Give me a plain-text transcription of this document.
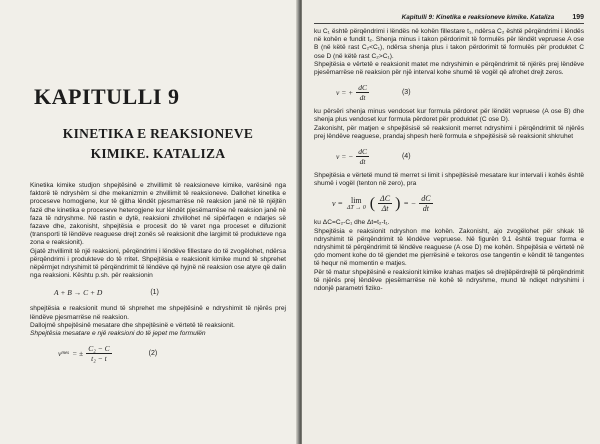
KAPITULLI 9
KINETIKA E REAKSIONEVE
KIMIKE. KATALIZA

Kinetika kimike studjon shpejtësinë e zhvillimit të reaksioneve kimike, varësinë nga faktorë të ndryshëm si dhe mekanizmin e zhvillimit të reaksioneve. Dallohet kinetika e proceseve homogjene, kur të gjitha lëndët pjesmarrëse në reaksion janë në të njëjtën fazë dhe kinetika e proceseve heterogjene kur lëndët pjesëmarrëse në reaksion janë në faza të ndryshme. Në rastin e dytë, reaksioni zhvillohet në sipërfaqen e ndarjes së fazave dhe, zakonisht, shpejtësia e procesit do të varet nga proceset e difuzionit (transporti të lëndëve reaguese drejt zonës së reaksionit dhe largimit të produkteve nga zona e reaksionit).

Gjatë zhvillimit të një reaksioni, përqëndrimi i lëndëve fillestare do të zvogëlohet, ndërsa përqëndrimi i produkteve do të rritet. Shpejtësia e reaksionit kimike mund të shprehet nëpërmjet ndryshimit të përqëndrimit të lëndëve që hyjnë në reaksion ose atyre që dalin nga reaksioni. Kështu p.sh. për reaksionin

A + B → C + D	(1)

shpejtësia e reaksionit mund të shprehet me shpejtësinë e ndryshimit të njërës prej lëndëve pjesmarrëse në reaksion.

Dallojmë shpejtësinë mesatare dhe shpejtësinë e vërtetë të reaksionit.

Shpejtësia mesatare e një reaksioni do të jepet me formulën

v mes = ± $\frac{\text{C₂ − C}}{\text{t₂ − t}}$	(2)
Kapitulli 9: Kinetika e reaksioneve kimike. Kataliza	199

ku C₁ është përqëndrimi i lëndës në kohën fillestare t₁, ndërsa C₂ është përqëndrimi i lëndës në kohën e fundit t₂. Shenja minus i takon përdorimit të formulës për lëndët vepruese A ose B (në këtë rast C₂<C₁), ndërsa shenja plus i takon përdorimit të formulës për produktet C ose D (në këtë rast C₂>C₁).

Shpejtësia e vërtetë e reaksionit matet me ndryshimin e përqëndrimit të njërës prej lëndëve pjesëmarrëse në reaksion për një interval kohe shumë të vogël që afrohet drejt zeros.

v = + $\frac{dC}{dt}$	(3)

ku përsëri shenja minus vendoset kur formula përdoret për lëndët vepruese (A ose B) dhe shenja plus vendoset kur formula përdoret për produktet (C ose D).

Zakonisht, për matjen e shpejtësisë së reaksionit merret ndryshimi i përqëndrimit të njërës prej lëndëve reaguese, prandaj shpesh herë formula e shpejtësisë së reaksionit shkruhet

v = − $\frac{dC}{dt}$	(4)

Shpejtësia e vërtetë mund të merret si limit i shpejtësisë mesatare kur intervali i kohës është shumë i vogël (tenton në zero), pra

v = lim
ΔT → 0 ( $\frac{\Delta C}{\Delta t}$ ) = − $\frac{dC}{dt}$

ku ΔC=C₂-C₁ dhe Δt=t₂-t₁.

Shpejtësia e reaksionit ndryshon me kohën. Zakonisht, ajo zvogëlohet për shkak të ndryshimit të përqëndrimit të lëndëve vepruese. Në figurën 9.1 është treguar forma e ndryshimit të përqëndrimit të lëndëve reaguese (A ose D) me kohën. Shpejtësia e vërtetë në çdo moment kohe do të gjendet me pjerrësinë e tekoros ose tangentin e këndit të tangentes të hequr në momentin e matjes.

Për të matur shpejtësinë e reaksionit kimike krahas matjes së drejtëpërdrejtë të përqëndrimit të njërës prej lëndëve pjesëmarrëse në kohë të ndryshme, mund të ndiqet ndryshimi i ndonjë parametri fiziko-
